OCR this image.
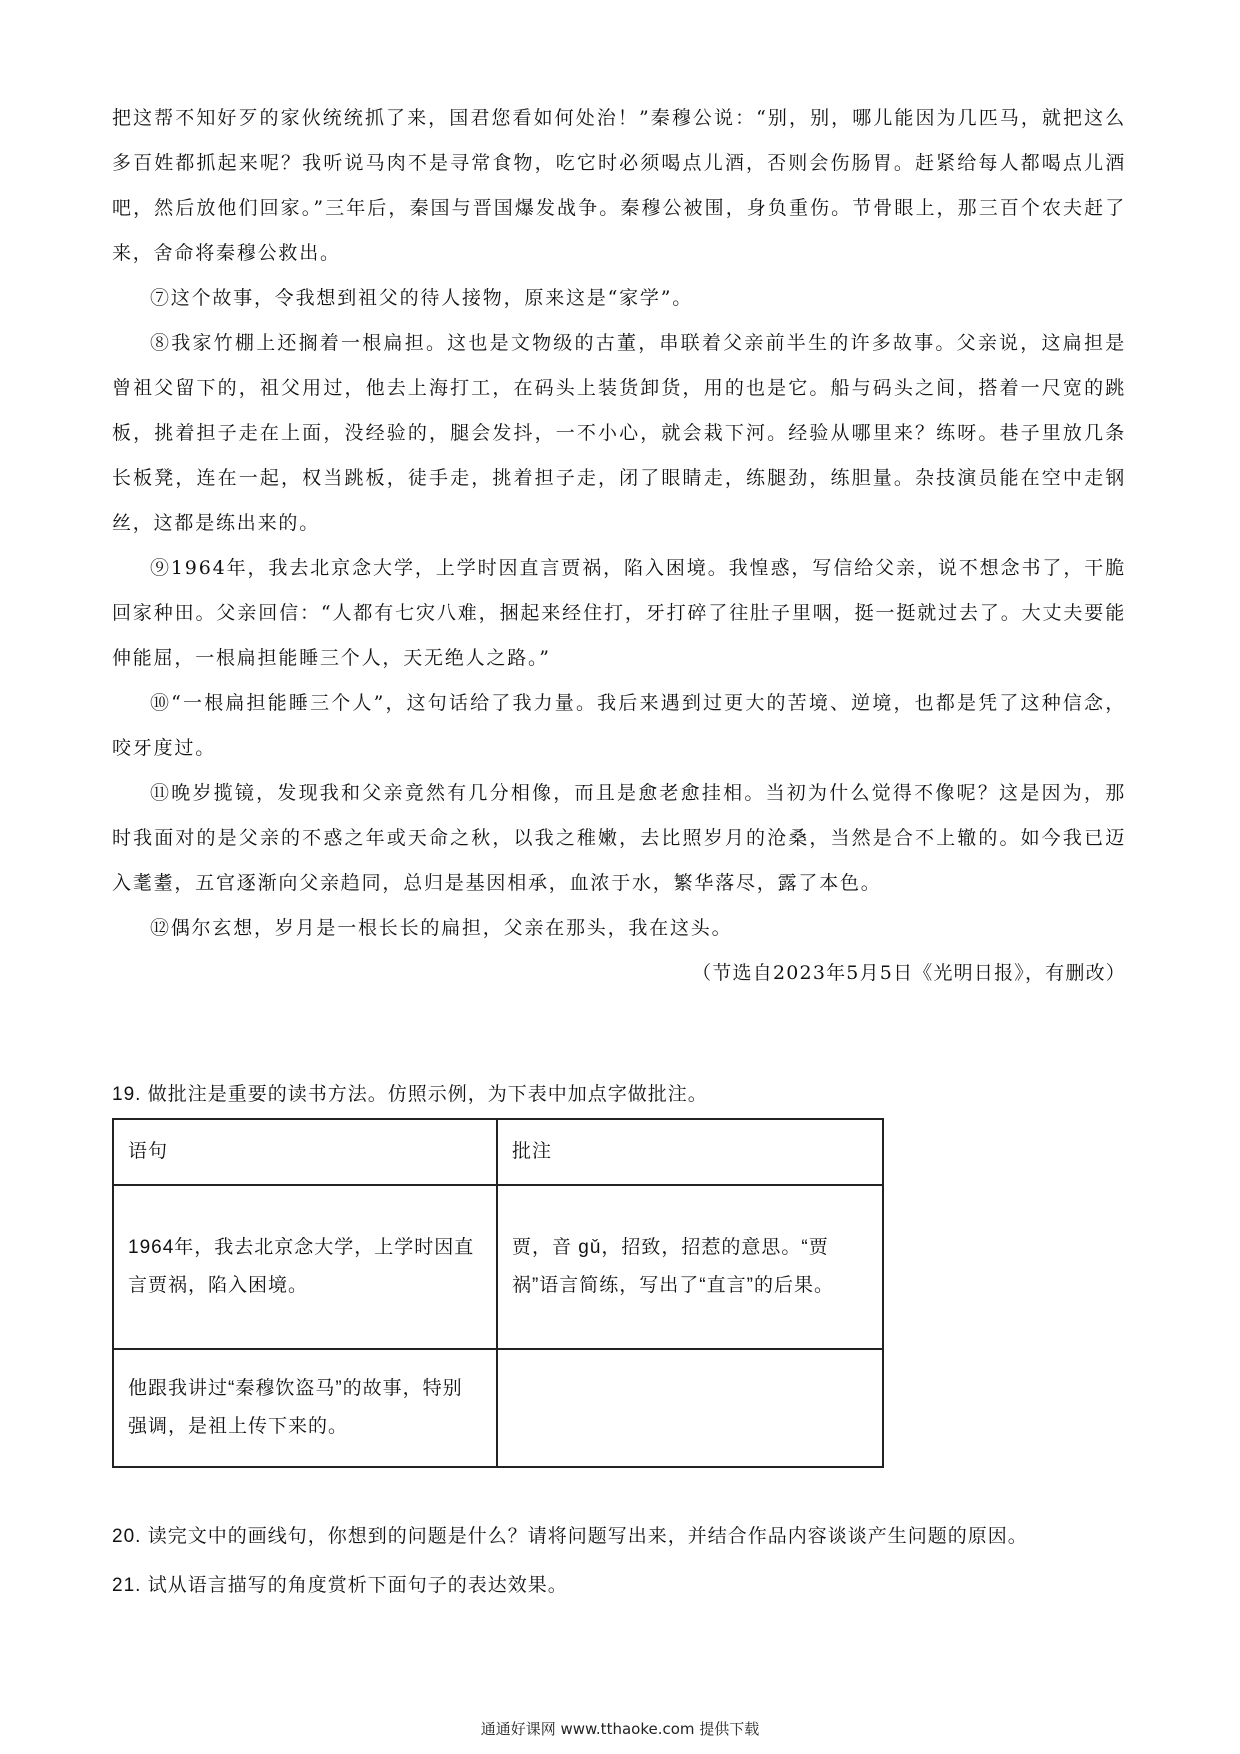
把这帮不知好歹的家伙统统抓了来，国君您看如何处治！”秦穆公说：“别，别，哪儿能因为几匹马，就把这么多百姓都抓起来呢？我听说马肉不是寻常食物，吃它时必须喝点儿酒，否则会伤肠胃。赶紧给每人都喝点儿酒吧，然后放他们回家。”三年后，秦国与晋国爆发战争。秦穆公被围，身负重伤。节骨眼上，那三百个农夫赶了来，舍命将秦穆公救出。

⑦这个故事，令我想到祖父的待人接物，原来这是“家学”。

⑧我家竹棚上还搁着一根扁担。这也是文物级的古董，串联着父亲前半生的许多故事。父亲说，这扁担是曾祖父留下的，祖父用过，他去上海打工，在码头上装货卸货，用的也是它。船与码头之间，搭着一尺宽的跳板，挑着担子走在上面，没经验的，腿会发抖，一不小心，就会栽下河。经验从哪里来？练呀。巷子里放几条长板凳，连在一起，权当跳板，徒手走，挑着担子走，闭了眼睛走，练腿劲，练胆量。杂技演员能在空中走钢丝，这都是练出来的。

⑨1964年，我去北京念大学，上学时因直言贾祸，陷入困境。我惶惑，写信给父亲，说不想念书了，干脆回家种田。父亲回信：“人都有七灾八难，捆起来经住打，牙打碎了往肚子里咽，挺一挺就过去了。大丈夫要能伸能屈，一根扁担能睡三个人，天无绝人之路。”

⑩“一根扁担能睡三个人”，这句话给了我力量。我后来遇到过更大的苦境、逆境，也都是凭了这种信念，咬牙度过。

⑪晚岁揽镜，发现我和父亲竟然有几分相像，而且是愈老愈挂相。当初为什么觉得不像呢？这是因为，那时我面对的是父亲的不惑之年或天命之秋，以我之稚嫩，去比照岁月的沧桑，当然是合不上辙的。如今我已迈入耄耋，五官逐渐向父亲趋同，总归是基因相承，血浓于水，繁华落尽，露了本色。

⑫偶尔玄想，岁月是一根长长的扁担，父亲在那头，我在这头。

（节选自2023年5月5日《光明日报》，有删改）

19. 做批注是重要的读书方法。仿照示例，为下表中加点字做批注。

语句	批注
1964年，我去北京念大学，上学时因直言贾祸，陷入困境。	贾，音 gǔ，招致，招惹的意思。“贾祸”语言简练，写出了“直言”的后果。
他跟我讲过“秦穆饮盗马”的故事，特别强调，是祖上传下来的。	

20. 读完文中的画线句，你想到的问题是什么？请将问题写出来，并结合作品内容谈谈产生问题的原因。

21. 试从语言描写的角度赏析下面句子的表达效果。

通通好课网 www.tthaoke.com 提供下载
